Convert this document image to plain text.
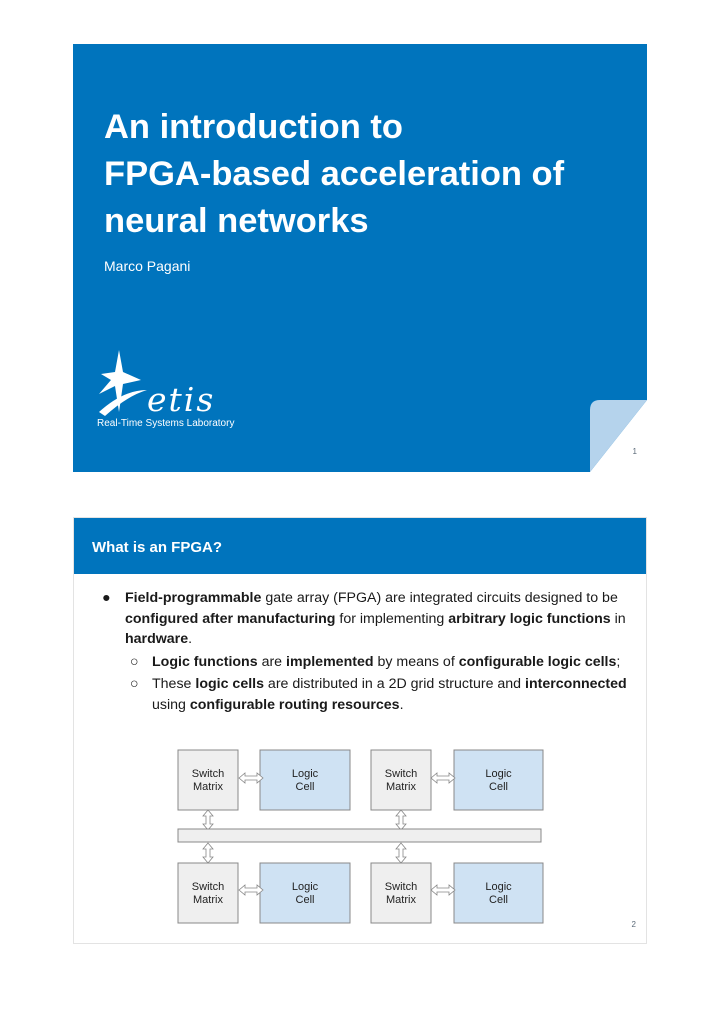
An introduction to
FPGA-based acceleration of
neural networks
Marco Pagani
etis
Real-Time Systems Laboratory
1
What is an FPGA?
● Field-programmable gate array (FPGA) are integrated circuits designed to be configured after manufacturing for implementing arbitrary logic functions in hardware.
○ Logic functions are implemented by means of configurable logic cells;
○ These logic cells are distributed in a 2D grid structure and interconnected using configurable routing resources.
Switch
Matrix
Logic
Cell
Switch
Matrix
Logic
Cell
Switch
Matrix
Logic
Cell
Switch
Matrix
Logic
Cell
2
